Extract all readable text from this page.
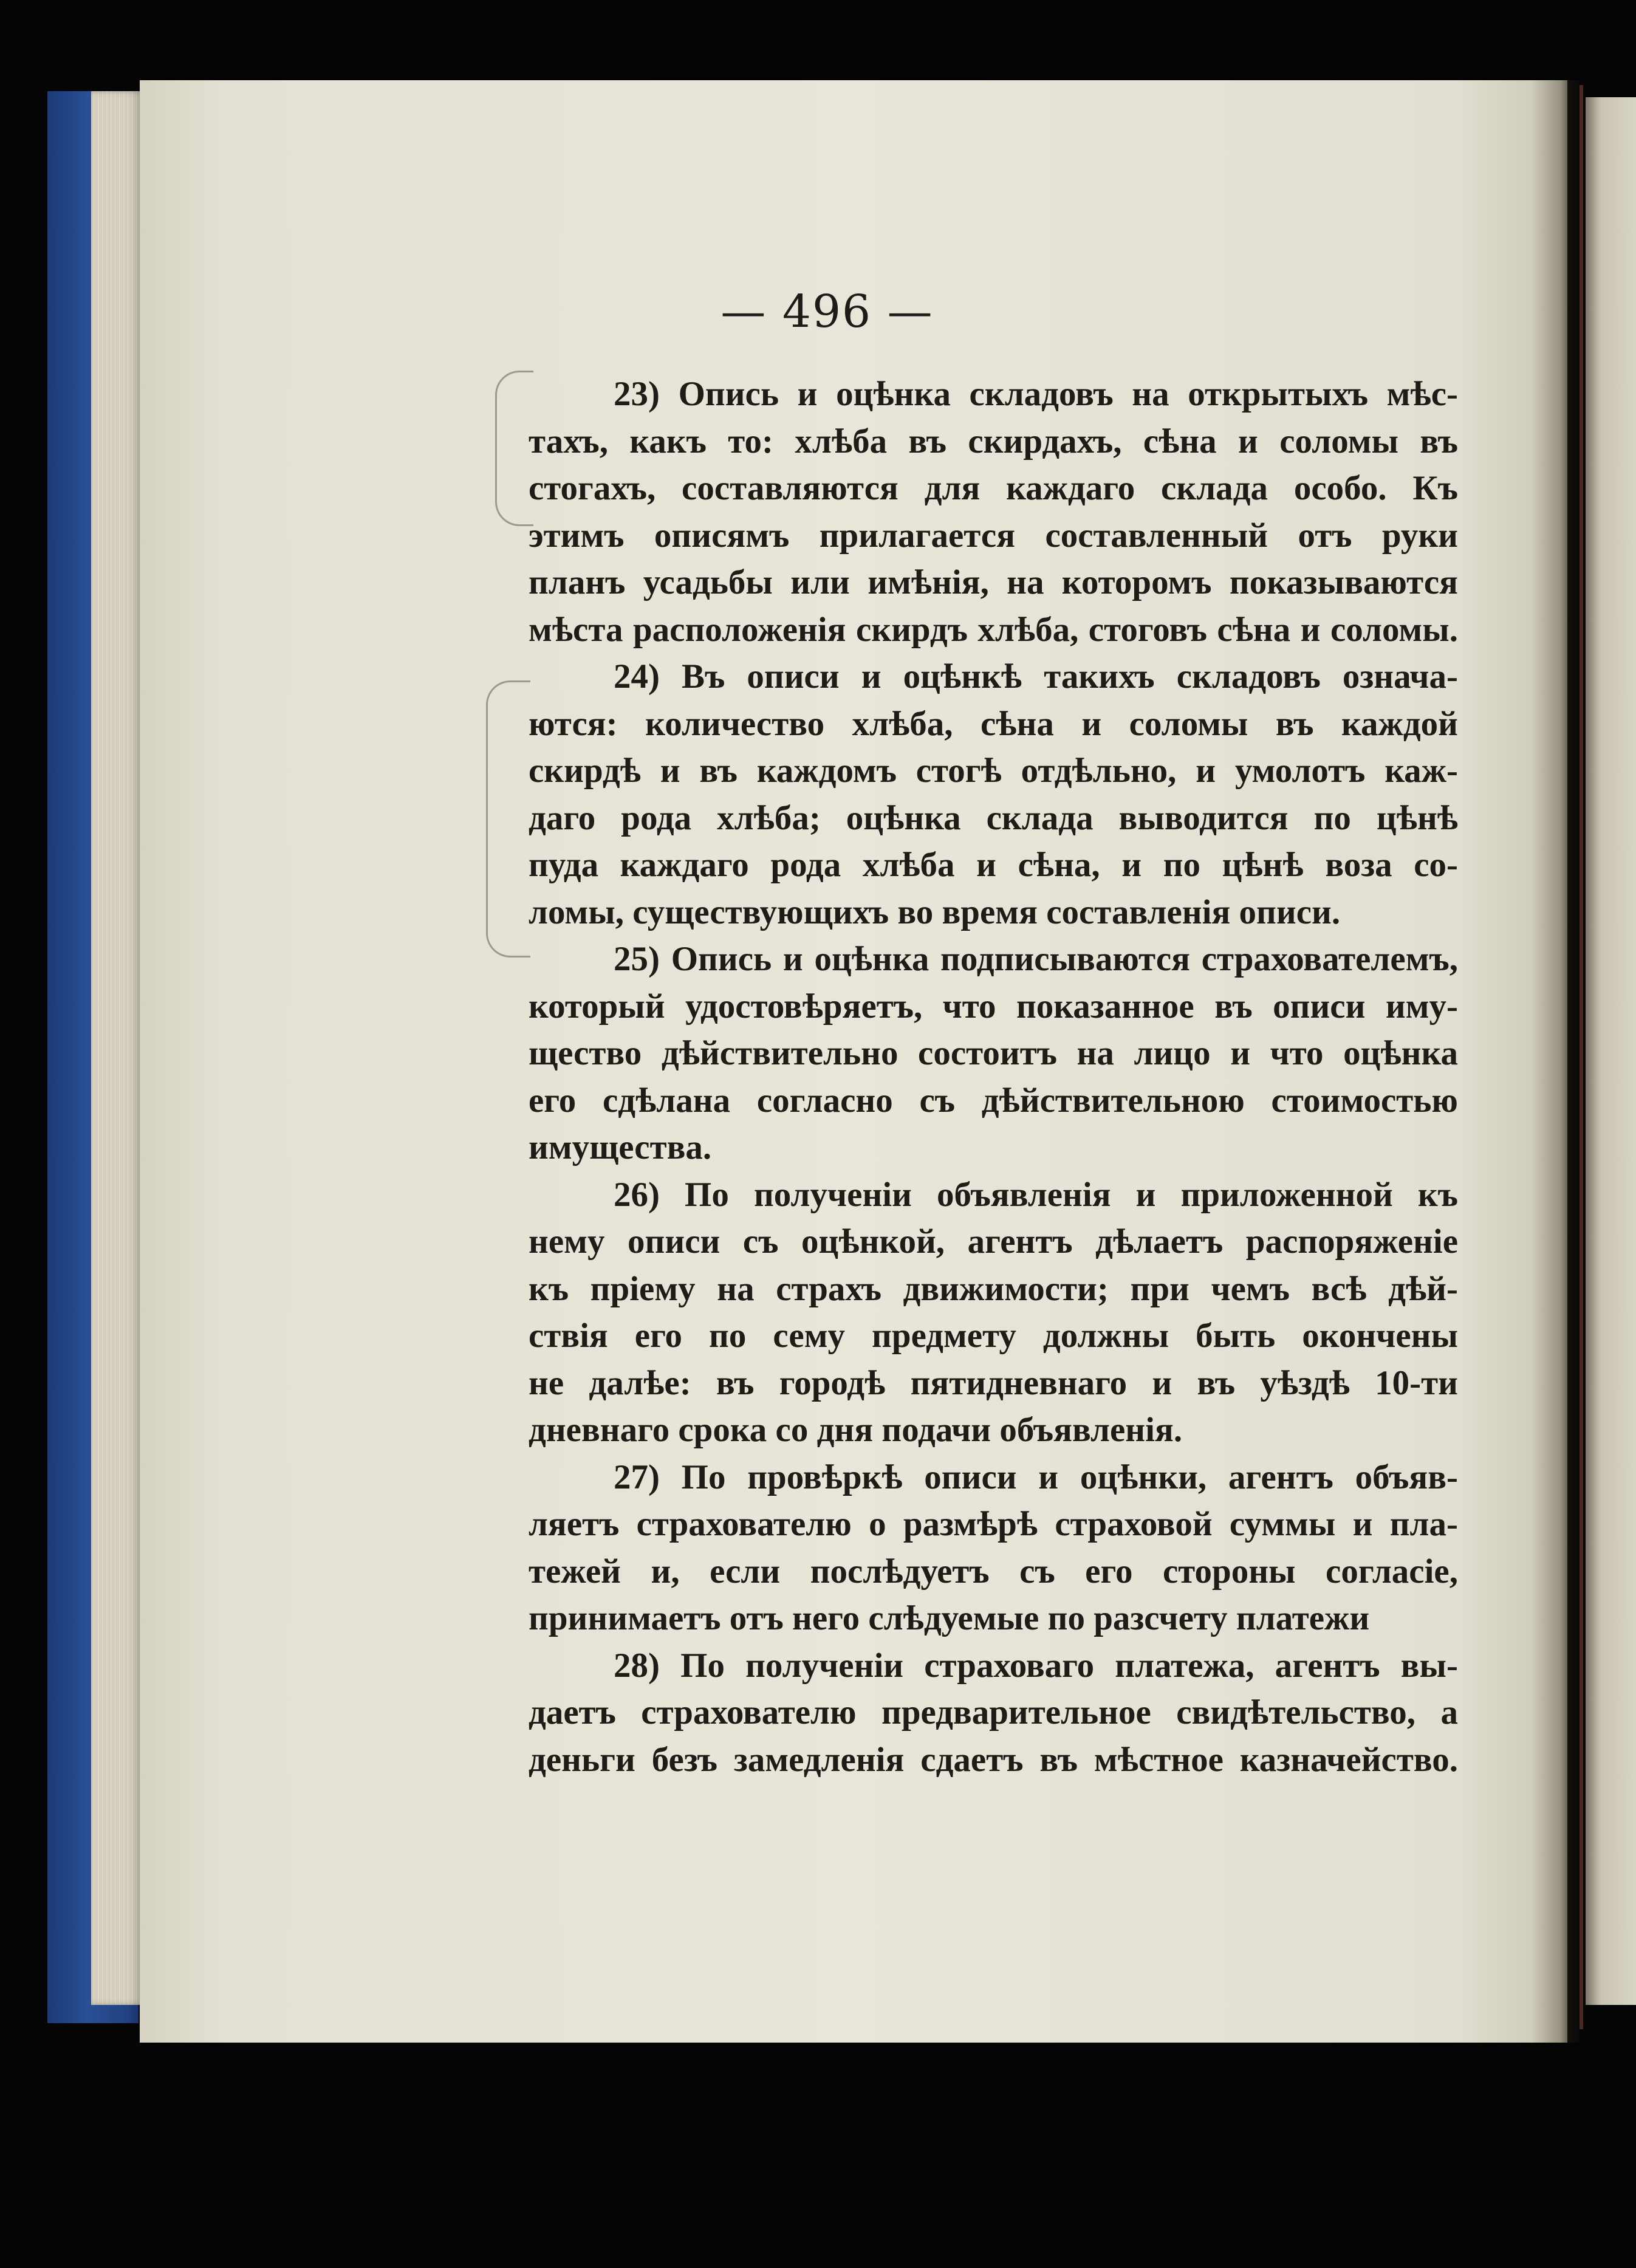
— 496 —
23) Опись и оцѣнка складовъ на открытыхъ мѣс-
тахъ, какъ то: хлѣба въ скирдахъ, сѣна и соломы въ
стогахъ, составляются для каждаго склада особо. Къ
этимъ описямъ прилагается составленный отъ руки
планъ усадьбы или имѣнія, на которомъ показываются
мѣста расположенія скирдъ хлѣба, стоговъ сѣна и соломы.
24) Въ описи и оцѣнкѣ такихъ складовъ означа-
ются: количество хлѣба, сѣна и соломы въ каждой
скирдѣ и въ каждомъ стогѣ отдѣльно, и умолотъ каж-
даго рода хлѣба; оцѣнка склада выводится по цѣнѣ
пуда каждаго рода хлѣба и сѣна, и по цѣнѣ воза со-
ломы, существующихъ во время составленія описи.
25) Опись и оцѣнка подписываются страхователемъ,
который удостовѣряетъ, что показанное въ описи иму-
щество дѣйствительно состоитъ на лицо и что оцѣнка
его сдѣлана согласно съ дѣйствительною стоимостью
имущества.
26) По полученіи объявленія и приложенной къ
нему описи съ оцѣнкой, агентъ дѣлаетъ распоряженіе
къ пріему на страхъ движимости; при чемъ всѣ дѣй-
ствія его по сему предмету должны быть окончены
не далѣе: въ городѣ пятидневнаго и въ уѣздѣ 10-ти
дневнаго срока со дня подачи объявленія.
27) По провѣркѣ описи и оцѣнки, агентъ объяв-
ляетъ страхователю о размѣрѣ страховой суммы и пла-
тежей и, если послѣдуетъ съ его стороны согласіе,
принимаетъ отъ него слѣдуемые по разсчету платежи
28) По полученіи страховаго платежа, агентъ вы-
даетъ страхователю предварительное свидѣтельство, а
деньги безъ замедленія сдаетъ въ мѣстное казначейство.
